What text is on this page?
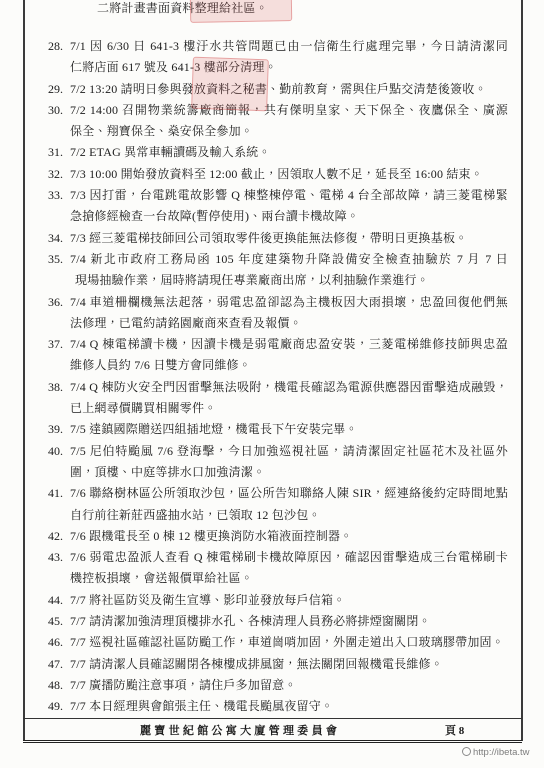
二將計畫書面資料整理給社區。
28. 7/1 因 6/30 日 641-3 樓汙水共管問題已由一信衛生行處理完畢，今日請清潔同
仁將店面 617 號及 641-3 樓部分清理。
29. 7/2 13:20 請明日參與發放資料之秘書、勤前教育，需與住戶點交清楚後簽收。
30. 7/2 14:00 召開物業統籌廠商簡報，共有傑明皇家、天下保全、夜鷹保全、廣源
保全、翔寶保全、燊安保全參加。
31. 7/2 ETAG 異常車輛讀碼及輸入系統。
32. 7/3 10:00 開始發放資料至 12:00 截止，因領取人數不足，延長至 16:00 結束。
33. 7/3 因打雷，台電跳電故影響 Q 棟整棟停電、電梯 4 台全部故障，請三菱電梯緊
急搶修經檢查一台故障(暫停使用)、兩台讀卡機故障。
34. 7/3 經三菱電梯技師回公司領取零件後更換能無法修復，帶明日更換基板。
35. 7/4 新北市政府工務局函 105 年度建築物升降設備安全檢查抽驗於 7 月 7 日
現場抽驗作業，屆時將請現任專業廠商出席，以利抽驗作業進行。
36. 7/4 車道柵欄機無法起落，弱電忠盈卻認為主機板因大雨損壞，忠盈回復他們無
法修理，已電約請銘園廠商來查看及報價。
37. 7/4 Q 棟電梯讀卡機，因讀卡機是弱電廠商忠盈安裝，三菱電梯維修技師與忠盈
維修人員約 7/6 日雙方會同維修。
38. 7/4 Q 棟防火安全門因雷擊無法吸附，機電長確認為電源供應器因雷擊造成融毀，
已上網尋價購買相關零件。
39. 7/5 達鎮國際贈送四組插地燈，機電長下午安裝完畢。
40. 7/5 尼伯特颱風 7/6 登海擊，今日加強巡視社區，請清潔固定社區花木及社區外
圍，頂樓、中庭等排水口加強清潔。
41. 7/6 聯絡樹林區公所領取沙包，區公所告知聯絡人陳 SIR，經連絡後約定時間地點
自行前往新莊西盛抽水站，已領取 12 包沙包。
42. 7/6 跟機電長至 0 棟 12 樓更換消防水箱液面控制器。
43. 7/6 弱電忠盈派人查看 Q 棟電梯刷卡機故障原因，確認因雷擊造成三台電梯刷卡
機控板損壞，會送報價單給社區。
44. 7/7 將社區防災及衛生宣導、影印並發放每戶信箱。
45. 7/7 請清潔加強清理頂樓排水孔、各棟清理人員務必將排煙窗關閉。
46. 7/7 巡視社區確認社區防颱工作，車道崗哨加固，外圍走道出入口玻璃膠帶加固。
47. 7/7 請清潔人員確認關閉各棟樓成排風窗，無法關閉回報機電長維修。
48. 7/7 廣播防颱注意事項，請住戶多加留意。
49. 7/7 本日經理與會館張主任、機電長颱風夜留守。
麗寶世紀館公寓大廈管理委員會	頁 8
http://ibeta.tw
